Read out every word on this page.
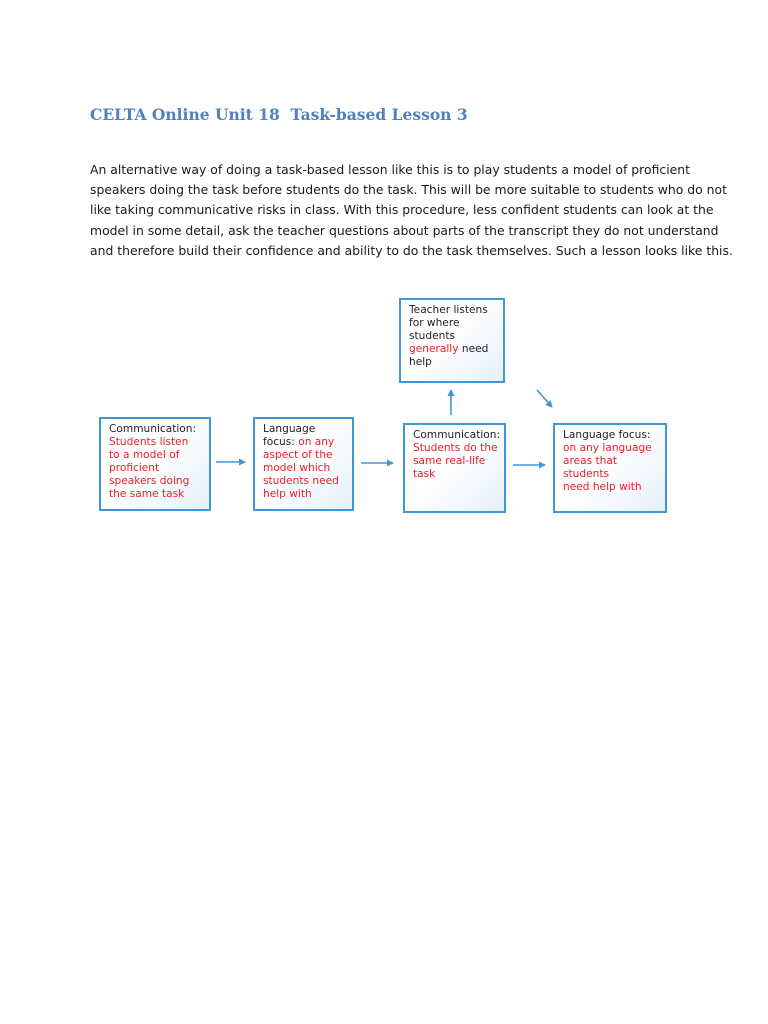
CELTA Online Unit 18  Task-based Lesson 3

An alternative way of doing a task-based lesson like this is to play students a model of proficient
speakers doing the task before students do the task. This will be more suitable to students who do not
like taking communicative risks in class. With this procedure, less confident students can look at the
model in some detail, ask the teacher questions about parts of the transcript they do not understand
and therefore build their confidence and ability to do the task themselves. Such a lesson looks like this.

Teacher listens
for where
students
generally need
help
Communication:
Students listen
to a model of
proficient
speakers doing
the same task
Language
focus: on any
aspect of the
model which
students need
help with
Communication:
Students do the
same real-life
task
Language focus:
on any language
areas that
students
need help with
